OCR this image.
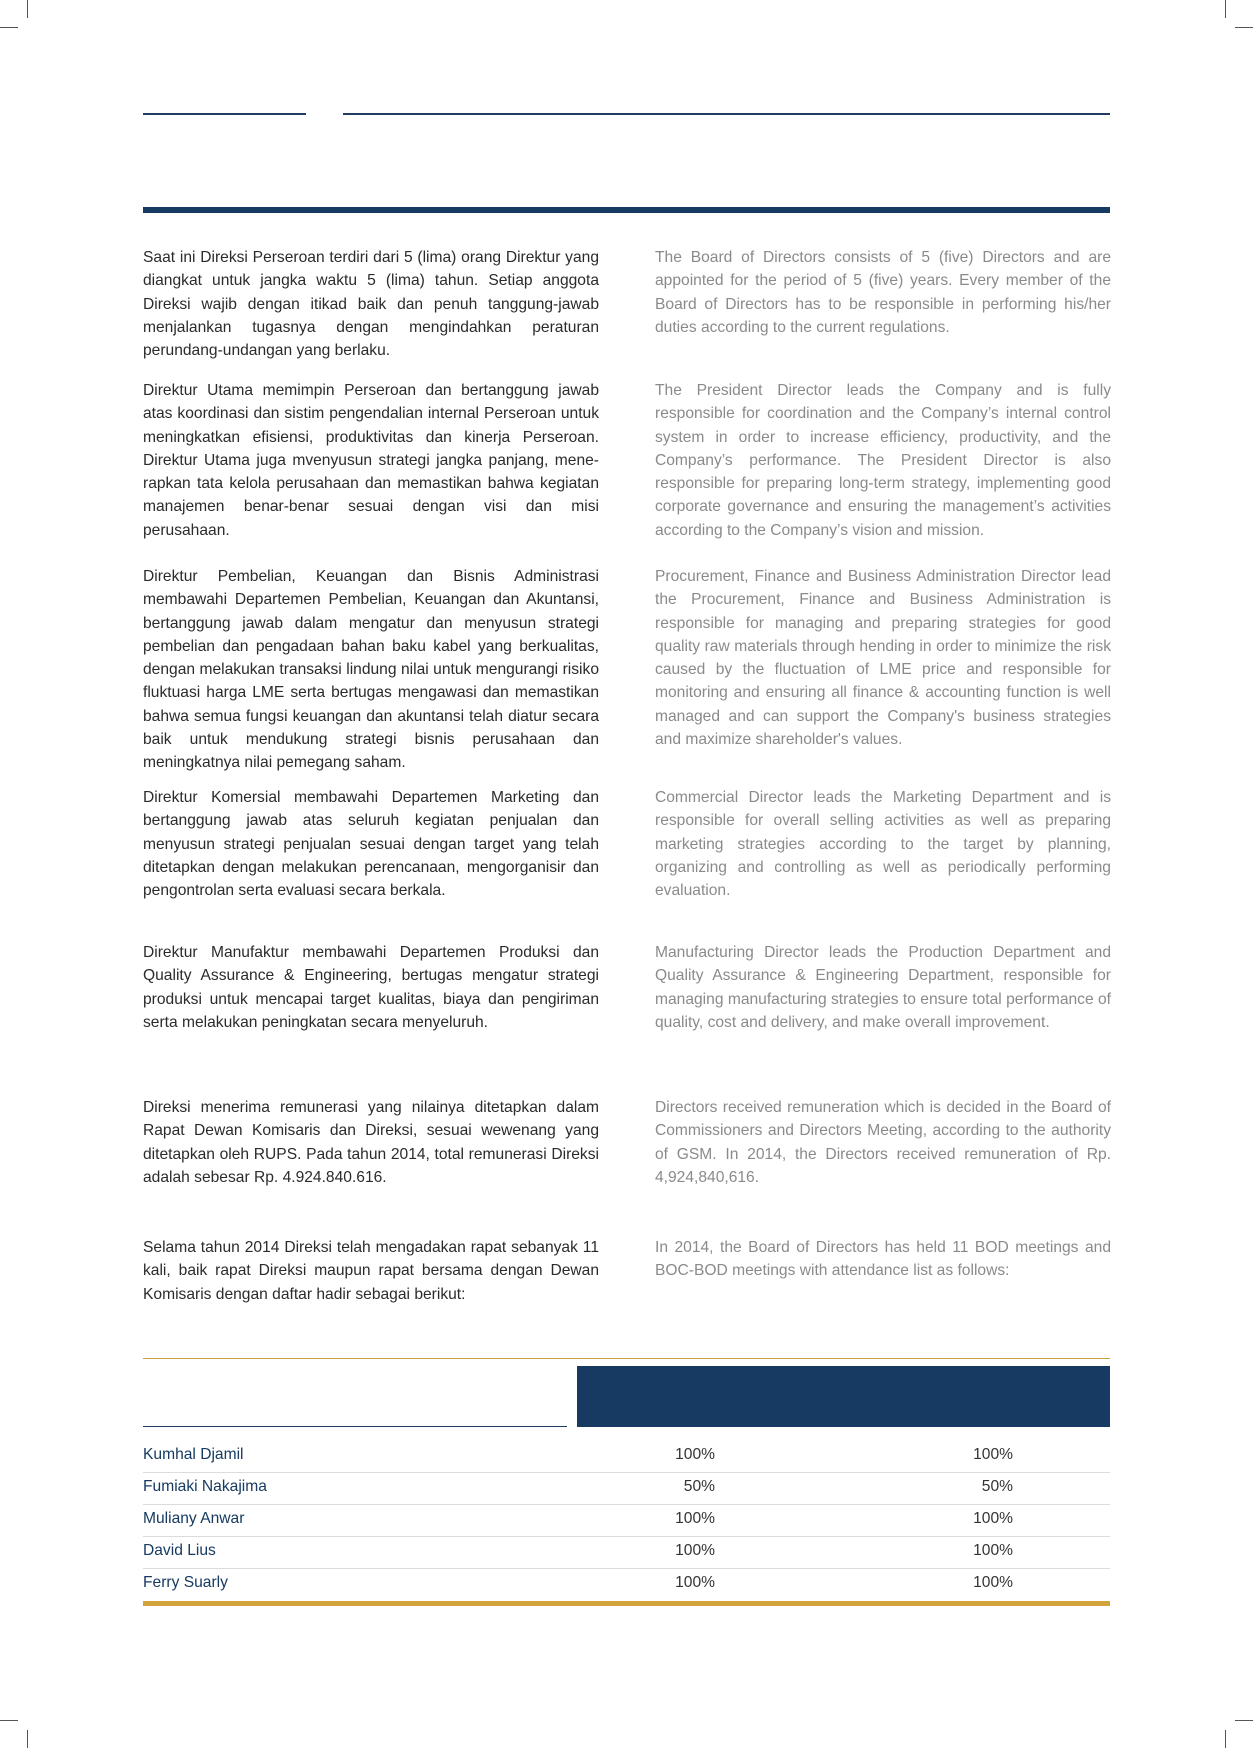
Saat ini Direksi Perseroan terdiri dari 5 (lima) orang Direktur yang diangkat untuk jangka waktu 5 (lima) tahun. Setiap anggota Direksi wajib dengan itikad baik dan penuh tanggung-jawab menjalankan tugasnya dengan mengindahkan peraturan perundang-undangan yang berlaku.

Direktur Utama memimpin Perseroan dan bertanggung jawab atas koordinasi dan sistim pengendalian internal Perseroan untuk meningkatkan efisiensi, produktivitas dan kinerja Perseroan. Direktur Utama juga mvenyusun strategi jangka panjang, mene-rapkan tata kelola perusahaan dan memastikan bahwa kegiatan manajemen benar-benar sesuai dengan visi dan misi perusahaan.

Direktur Pembelian, Keuangan dan Bisnis Administrasi membawahi Departemen Pembelian, Keuangan dan Akuntansi, bertanggung jawab dalam mengatur dan menyusun strategi pembelian dan pengadaan bahan baku kabel yang berkualitas, dengan melakukan transaksi lindung nilai untuk mengurangi risiko fluktuasi harga LME serta bertugas mengawasi dan memastikan bahwa semua fungsi keuangan dan akuntansi telah diatur secara baik untuk mendukung strategi bisnis perusahaan dan meningkatnya nilai pemegang saham.

Direktur Komersial membawahi Departemen Marketing dan bertanggung jawab atas seluruh kegiatan penjualan dan menyusun strategi penjualan sesuai dengan target yang telah ditetapkan dengan melakukan perencanaan, mengorganisir dan pengontrolan serta evaluasi secara berkala.

Direktur Manufaktur membawahi Departemen Produksi dan Quality Assurance & Engineering, bertugas mengatur strategi produksi untuk mencapai target kualitas, biaya dan pengiriman serta melakukan peningkatan secara menyeluruh.

Direksi menerima remunerasi yang nilainya ditetapkan dalam Rapat Dewan Komisaris dan Direksi, sesuai wewenang yang ditetapkan oleh RUPS. Pada tahun 2014, total remunerasi Direksi adalah sebesar Rp. 4.924.840.616.

Selama tahun 2014 Direksi telah mengadakan rapat sebanyak 11 kali, baik rapat Direksi maupun rapat bersama dengan Dewan Komisaris dengan daftar hadir sebagai berikut:

The Board of Directors consists of 5 (five) Directors and are appointed for the period of 5 (five) years. Every member of the Board of Directors has to be responsible in performing his/her duties according to the current regulations.

The President Director leads the Company and is fully responsible for coordination and the Company’s internal control system in order to increase efficiency, productivity, and the Company’s performance. The President Director is also responsible for preparing long-term strategy, implementing good corporate governance and ensuring the management’s activities according to the Company’s vision and mission.

Procurement, Finance and Business Administration Director lead the Procurement, Finance and Business Administration is responsible for managing and preparing strategies for good quality raw materials through hending in order to minimize the risk caused by the fluctuation of LME price and responsible for monitoring and ensuring all finance & accounting function is well managed and can support the Company's business strategies and maximize shareholder's values.

Commercial Director leads the Marketing Department and is responsible for overall selling activities as well as preparing marketing strategies according to the target by planning, organizing and controlling as well as periodically performing evaluation.

Manufacturing Director leads the Production Department and Quality Assurance & Engineering Department, responsible for managing manufacturing strategies to ensure total performance of quality, cost and delivery, and make overall improvement.

Directors received remuneration which is decided in the Board of Commissioners and Directors Meeting, according to the authority of GSM. In 2014, the Directors received remuneration of Rp. 4,924,840,616.

In 2014, the Board of Directors has held 11 BOD meetings and BOC-BOD meetings with attendance list as follows:

Kumhal Djamil	100%	100%
Fumiaki Nakajima	50%	50%
Muliany Anwar	100%	100%
David Lius	100%	100%
Ferry Suarly	100%	100%
